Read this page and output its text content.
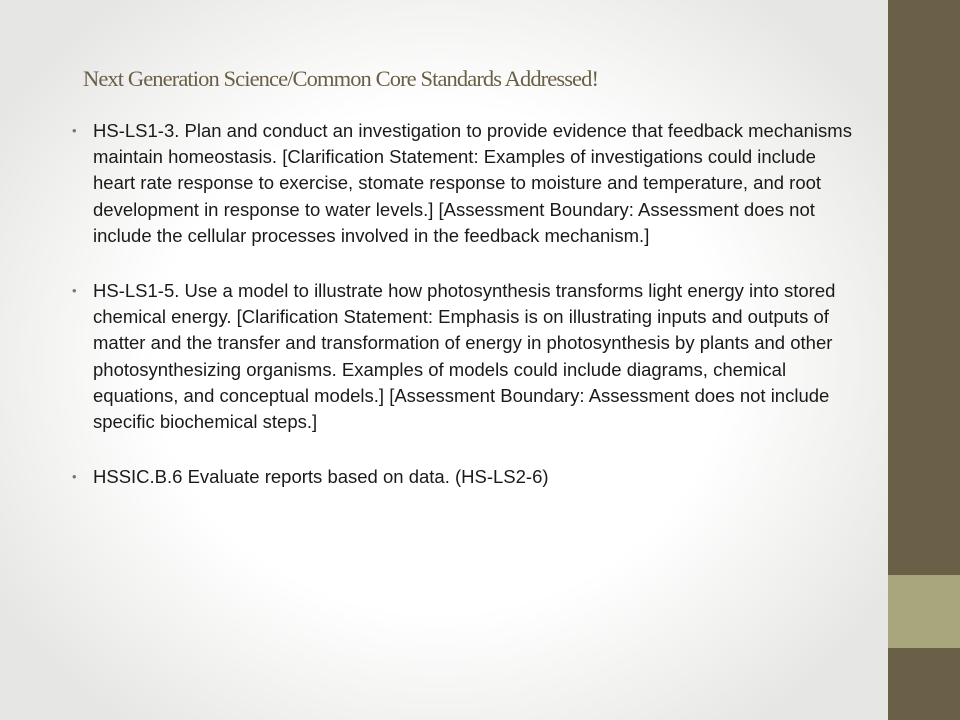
Next Generation Science/Common Core Standards Addressed!
• HS-LS1-3. Plan and conduct an investigation to provide evidence that feedback mechanisms maintain homeostasis. [Clarification Statement: Examples of investigations could include heart rate response to exercise, stomate response to moisture and temperature, and root development in response to water levels.] [Assessment Boundary: Assessment does not include the cellular processes involved in the feedback mechanism.]
• HS-LS1-5. Use a model to illustrate how photosynthesis transforms light energy into stored chemical energy. [Clarification Statement: Emphasis is on illustrating inputs and outputs of matter and the transfer and transformation of energy in photosynthesis by plants and other photosynthesizing organisms. Examples of models could include diagrams, chemical equations, and conceptual models.] [Assessment Boundary: Assessment does not include specific biochemical steps.]
• HSSIC.B.6 Evaluate reports based on data. (HS-LS2-6)
